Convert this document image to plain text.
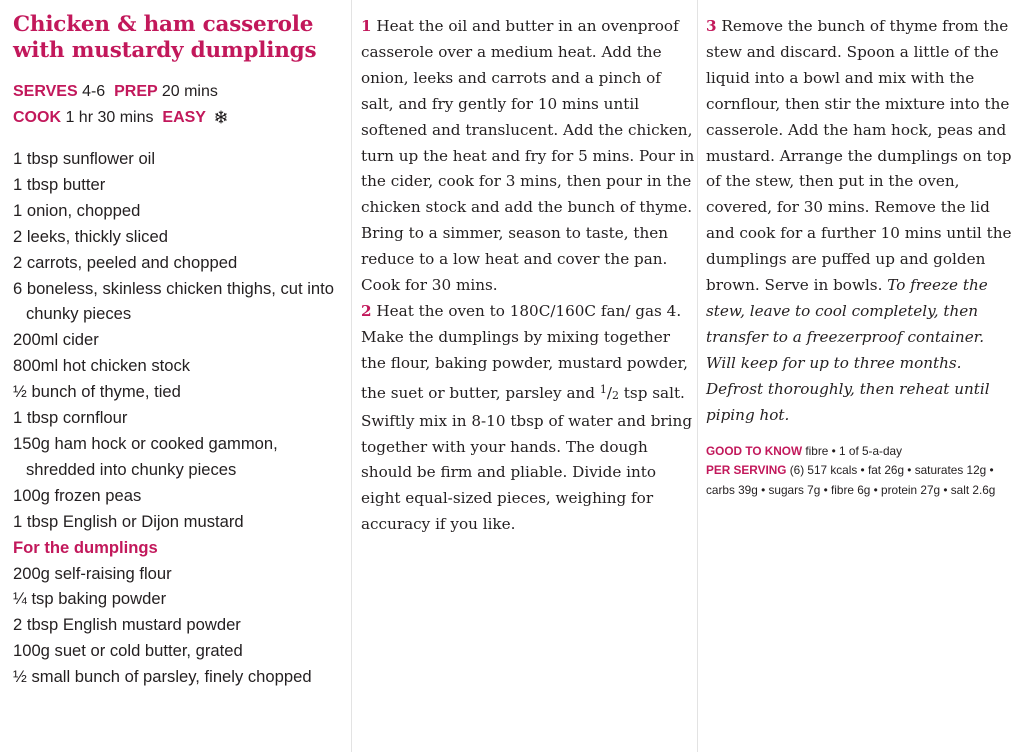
Chicken & ham casserole
with mustardy dumplings
SERVES 4-6 PREP 20 mins
COOK 1 hr 30 mins EASY
1 tbsp sunflower oil
1 tbsp butter
1 onion, chopped
2 leeks, thickly sliced
2 carrots, peeled and chopped
6 boneless, skinless chicken thighs, cut into chunky pieces
200ml cider
800ml hot chicken stock
½ bunch of thyme, tied
1 tbsp cornflour
150g ham hock or cooked gammon, shredded into chunky pieces
100g frozen peas
1 tbsp English or Dijon mustard
For the dumplings
200g self-raising flour
¼ tsp baking powder
2 tbsp English mustard powder
100g suet or cold butter, grated
½ small bunch of parsley, finely chopped

1 Heat the oil and butter in an ovenproof casserole over a medium heat. Add the onion, leeks and carrots and a pinch of salt, and fry gently for 10 mins until softened and translucent. Add the chicken, turn up the heat and fry for 5 mins. Pour in the cider, cook for 3 mins, then pour in the chicken stock and add the bunch of thyme. Bring to a simmer, season to taste, then reduce to a low heat and cover the pan. Cook for 30 mins.

2 Heat the oven to 180C/160C fan/ gas 4. Make the dumplings by mixing together the flour, baking powder, mustard powder, the suet or butter, parsley and $^1$/2 tsp salt. Swiftly mix in 8-10 tbsp of water and bring together with your hands. The dough should be firm and pliable. Divide into eight equal-sized pieces, weighing for accuracy if you like.

3 Remove the bunch of thyme from the stew and discard. Spoon a little of the liquid into a bowl and mix with the cornflour, then stir the mixture into the casserole. Add the ham hock, peas and mustard. Arrange the dumplings on top of the stew, then put in the oven, covered, for 30 mins. Remove the lid and cook for a further 10 mins until the dumplings are puffed up and golden brown. Serve in bowls. To freeze the stew, leave to cool completely, then transfer to a freezerproof container. Will keep for up to three months. Defrost thoroughly, then reheat until piping hot.

GOOD TO KNOW fibre • 1 of 5-a-day
PER SERVING (6) 517 kcals • fat 26g • saturates 12g • carbs 39g • sugars 7g • fibre 6g • protein 27g • salt 2.6g
